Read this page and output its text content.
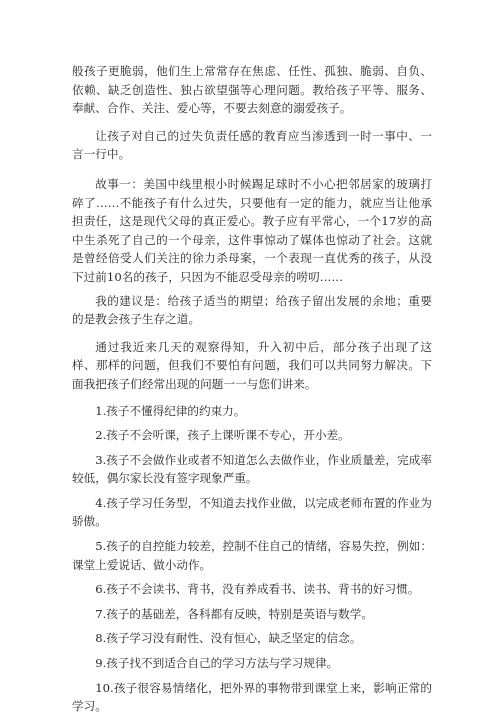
般孩子更脆弱，他们生上常常存在焦虑、任性、孤独、脆弱、自负、依赖、缺乏创造性、独占欲望强等心理问题。教给孩子平等、服务、奉献、合作、关注、爱心等，不要去刻意的溺爱孩子。

让孩子对自己的过失负责任感的教育应当渗透到一时一事中、一言一行中。

故事一：美国中线里根小时候踢足球时不小心把邻居家的玻璃打碎了……不能孩子有什么过失，只要他有一定的能力，就应当让他承担责任，这是现代父母的真正爱心。教子应有平常心，一个17岁的高中生杀死了自己的一个母亲，这件事惊动了媒体也惊动了社会。这就是曾经倍受人们关注的徐力杀母案，一个表现一直优秀的孩子，从没下过前10名的孩子，只因为不能忍受母亲的唠叨……

我的建议是：给孩子适当的期望；给孩子留出发展的余地；重要的是教会孩子生存之道。

通过我近来几天的观察得知，升入初中后，部分孩子出现了这样、那样的问题，但我们不要怕有问题，我们可以共同努力解决。下面我把孩子们经常出现的问题一一与您们讲来。

1.孩子不懂得纪律的约束力。
2.孩子不会听课，孩子上课听课不专心，开小差。
3.孩子不会做作业或者不知道怎么去做作业，作业质量差，完成率较低，偶尔家长没有签字现象严重。
4.孩子学习任务型，不知道去找作业做，以完成老师布置的作业为骄傲。
5.孩子的自控能力较差，控制不住自己的情绪，容易失控，例如：课堂上爱说话、做小动作。
6.孩子不会读书、背书，没有养成看书、读书、背书的好习惯。
7.孩子的基础差，各科都有反映，特别是英语与数学。
8.孩子学习没有耐性、没有恒心，缺乏坚定的信念。
9.孩子找不到适合自己的学习方法与学习规律。
10.孩子很容易情绪化，把外界的事物带到课堂上来，影响正常的学习。
